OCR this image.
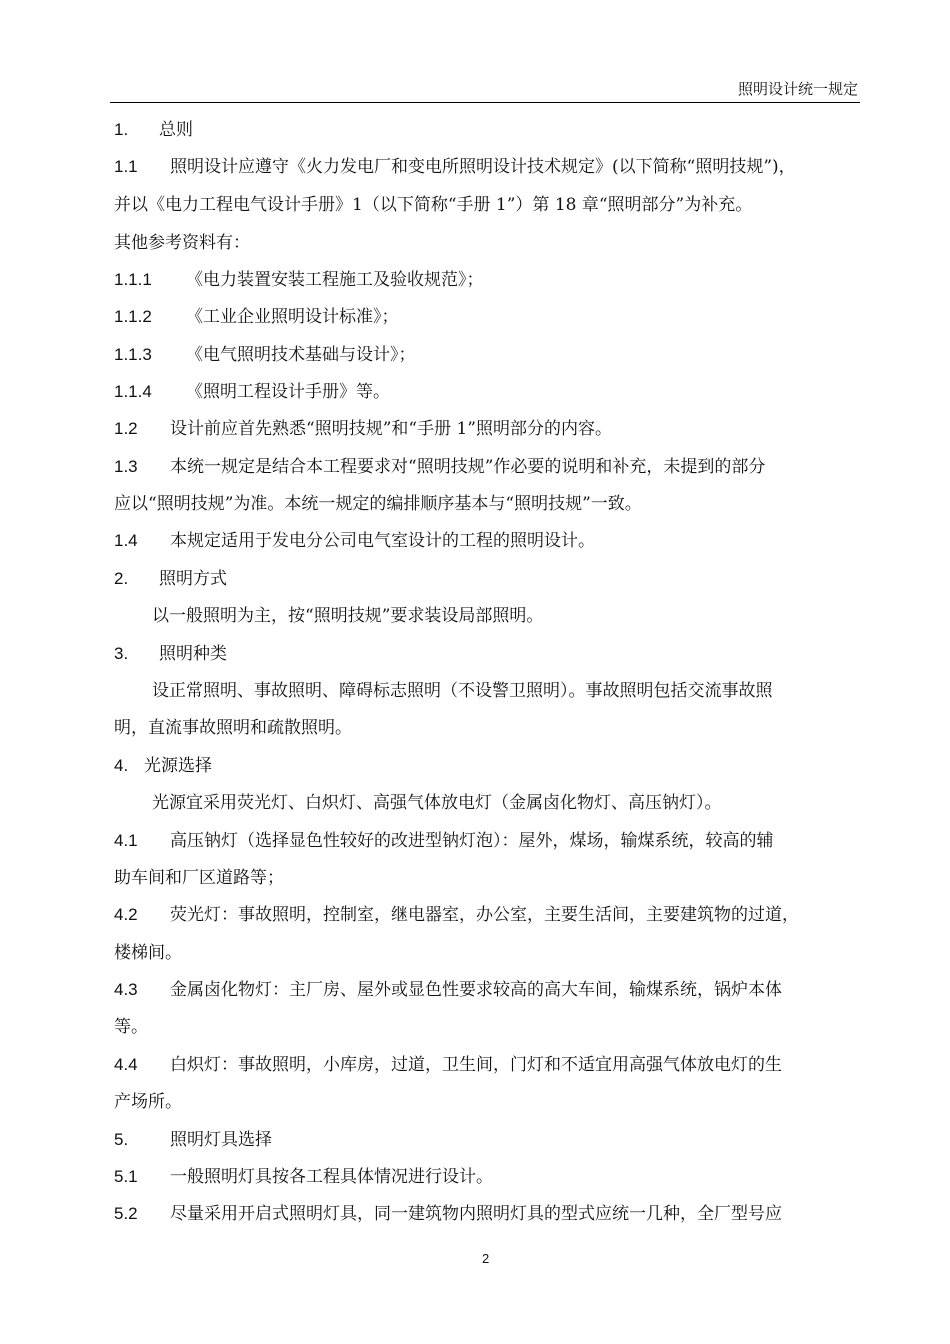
照明设计统一规定
1. 总则
1.1 照明设计应遵守《火力发电厂和变电所照明设计技术规定》(以下简称“照明技规”)，
并以《电力工程电气设计手册》1（以下简称“手册 1”）第 18 章“照明部分”为补充。
其他参考资料有：
1.1.1 《电力装置安装工程施工及验收规范》；
1.1.2 《工业企业照明设计标准》；
1.1.3 《电气照明技术基础与设计》；
1.1.4 《照明工程设计手册》等。
1.2 设计前应首先熟悉“照明技规”和“手册 1”照明部分的内容。
1.3 本统一规定是结合本工程要求对“照明技规”作必要的说明和补充，未提到的部分
应以“照明技规”为准。本统一规定的编排顺序基本与“照明技规”一致。
1.4 本规定适用于发电分公司电气室设计的工程的照明设计。
2. 照明方式
以一般照明为主，按“照明技规”要求装设局部照明。
3. 照明种类
设正常照明、事故照明、障碍标志照明（不设警卫照明）。事故照明包括交流事故照
明，直流事故照明和疏散照明。
4. 光源选择
光源宜采用荧光灯、白炽灯、高强气体放电灯（金属卤化物灯、高压钠灯）。
4.1 高压钠灯（选择显色性较好的改进型钠灯泡）：屋外，煤场，输煤系统，较高的辅
助车间和厂区道路等；
4.2 荧光灯：事故照明，控制室，继电器室，办公室，主要生活间，主要建筑物的过道，
楼梯间。
4.3 金属卤化物灯：主厂房、屋外或显色性要求较高的高大车间，输煤系统，锅炉本体
等。
4.4 白炽灯：事故照明，小库房，过道，卫生间，门灯和不适宜用高强气体放电灯的生
产场所。
5. 照明灯具选择
5.1 一般照明灯具按各工程具体情况进行设计。
5.2 尽量采用开启式照明灯具，同一建筑物内照明灯具的型式应统一几种，全厂型号应
2
